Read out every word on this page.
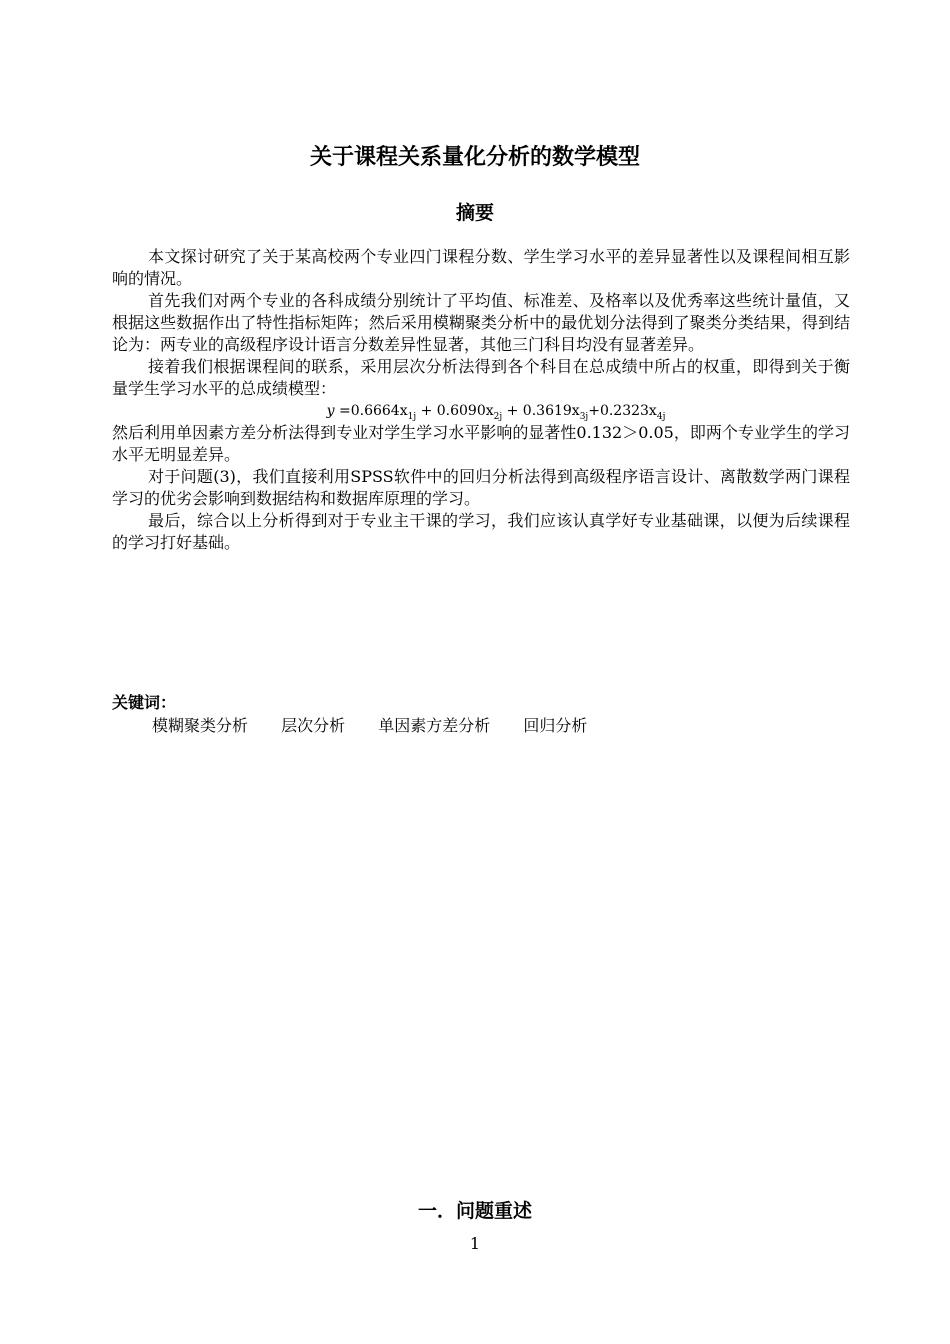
关于课程关系量化分析的数学模型
摘要

本文探讨研究了关于某高校两个专业四门课程分数、学生学习水平的差异显著性以及课程间相互影响的情况。

首先我们对两个专业的各科成绩分别统计了平均值、标准差、及格率以及优秀率这些统计量值，又根据这些数据作出了特性指标矩阵；然后采用模糊聚类分析中的最优划分法得到了聚类分类结果，得到结论为：两专业的高级程序设计语言分数差异性显著，其他三门科目均没有显著差异。

接着我们根据课程间的联系，采用层次分析法得到各个科目在总成绩中所占的权重，即得到关于衡量学生学习水平的总成绩模型：

$y =0.6664x_{1j} + 0.6090x_{2j} + 0.3619x_{3j}+0.2323x_{4j}$

然后利用单因素方差分析法得到专业对学生学习水平影响的显著性0.132＞0.05，即两个专业学生的学习水平无明显差异。

对于问题(3)，我们直接利用SPSS软件中的回归分析法得到高级程序语言设计、离散数学两门课程学习的优劣会影响到数据结构和数据库原理的学习。

最后，综合以上分析得到对于专业主干课的学习，我们应该认真学好专业基础课，以便为后续课程的学习打好基础。

关键词：
模糊聚类分析 层次分析 单因素方差分析 回归分析
一．问题重述
1
